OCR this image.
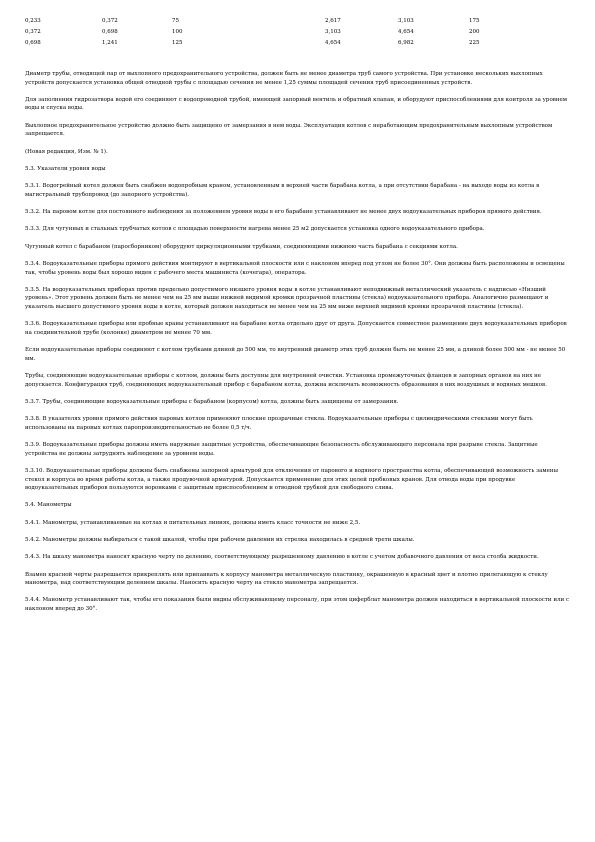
0,233	0,372	75	2,617	3,103	175
0,372	0,698	100	3,103	4,654	200
0,698	1,241	125	4,654	6,982	225

Диаметр трубы, отводящей пар от выхлопного предохранительного устройства, должен быть не менее диаметра труб самого устройства. При установке нескольких выхлопных устройств допускается установка общей отводной трубы с площадью сечения не менее 1,25 суммы площадей сечения труб присоединенных устройств.

Для заполнения гидрозатвора водой его соединяют с водопроводной трубой, имеющей запорный вентиль и обратный клапан, и оборудуют приспособлениями для контроля за уровнем воды и спуска воды.

Выхлопное предохранительное устройство должно быть защищено от замерзания в нем воды. Эксплуатация котлов с неработающим предохранительным выхлопным устройством запрещается.

(Новая редакция, Изм. № 1).

5.3. Указатели уровня воды

5.3.1. Водогрейный котел должен быть снабжен водопробным краном, установленным в верхней части барабана котла, а при отсутствии барабана - на выходе воды из котла в магистральный трубопровод (до запорного устройства).

5.3.2. На паровом котле для постоянного наблюдения за положением уровня воды в его барабане устанавливают не менее двух водоуказательных приборов прямого действия.

5.3.3. Для чугунных и стальных трубчатых котлов с площадью поверхности нагрева менее 25 м2 допускается установка одного водоуказательного прибора.

Чугунный котел с барабаном (паросборником) оборудуют циркуляционными трубками, соединяющими нижнюю часть барабана с секциями котла.

5.3.4. Водоуказательные приборы прямого действия монтируют в вертикальной плоскости или с наклоном вперед под углом не более 30°. Они должны быть расположены и освещены так, чтобы уровень воды был хорошо виден с рабочего места машиниста (кочегара), оператора.

5.3.5. На водоуказательных приборах против предельно допустимого низшего уровня воды в котле устанавливают неподвижный металлический указатель с надписью «Низший уровень». Этот уровень должен быть не менее чем на 25 мм выше нижней видимой кромки прозрачной пластины (стекла) водоуказательного прибора. Аналогично размещают и указатель высшего допустимого уровня воды в котле, который должен находиться не менее чем на 25 мм ниже верхней видимой кромки прозрачной пластины (стекла).

5.3.6. Водоуказательные приборы или пробные краны устанавливают на барабане котла отдельно друг от друга. Допускается совместное размещение двух водоуказательных приборов на соединительной трубе (колонке) диаметром не менее 70 мм.

Если водоуказательные приборы соединяют с котлом трубками длиной до 500 мм, то внутренний диаметр этих труб должен быть не менее 25 мм, а длиной более 500 мм - не менее 50 мм.

Трубы, соединяющие водоуказательные приборы с котлом, должны быть доступны для внутренней очистки. Установка промежуточных фланцев и запорных органов на них не допускается. Конфигурация труб, соединяющих водоуказательный прибор с барабаном котла, должна исключать возможность образования в них воздушных и водяных мешков.

5.3.7. Трубы, соединяющие водоуказательные приборы с барабаном (корпусом) котла, должны быть защищены от замерзания.

5.3.8. В указателях уровня прямого действия паровых котлов применяют плоские прозрачные стекла. Водоуказательные приборы с цилиндрическими стеклами могут быть использованы на паровых котлах паропроизводительностью не более 0,5 т/ч.

5.3.9. Водоуказательные приборы должны иметь наружные защитные устройства, обеспечивающие безопасность обслуживающего персонала при разрыве стекла. Защитные устройства не должны затруднять наблюдение за уровнем воды.

5.3.10. Водоуказательные приборы должны быть снабжены запорной арматурой для отключения от парового и водяного пространства котла, обеспечивающей возможность замены стекол и корпуса во время работы котла, а также продувочной арматурой. Допускается применение для этих целей пробковых кранов. Для отвода воды при продувке водоуказательных приборов пользуются воронками с защитным приспособлением и отводной трубкой для свободного слива.

5.4. Манометры

5.4.1. Манометры, устанавливаемые на котлах и питательных линиях, должны иметь класс точности не ниже 2,5.

5.4.2. Манометры должны выбираться с такой шкалой, чтобы при рабочем давлении их стрелка находилась в средней трети шкалы.

5.4.3. На шкалу манометра наносят красную черту по делению, соответствующему разрешенному давлению в котле с учетом добавочного давления от веса столба жидкости.

Взамен красной черты разрешается прикреплять или припаивать к корпусу манометра металлическую пластинку, окрашенную в красный цвет и плотно прилегающую к стеклу манометра, над соответствующим делением шкалы. Наносить красную черту на стекло манометра запрещается.

5.4.4. Манометр устанавливают так, чтобы его показания были видны обслуживающему персоналу, при этом циферблат манометра должен находиться в вертикальной плоскости или с наклоном вперед до 30°.
